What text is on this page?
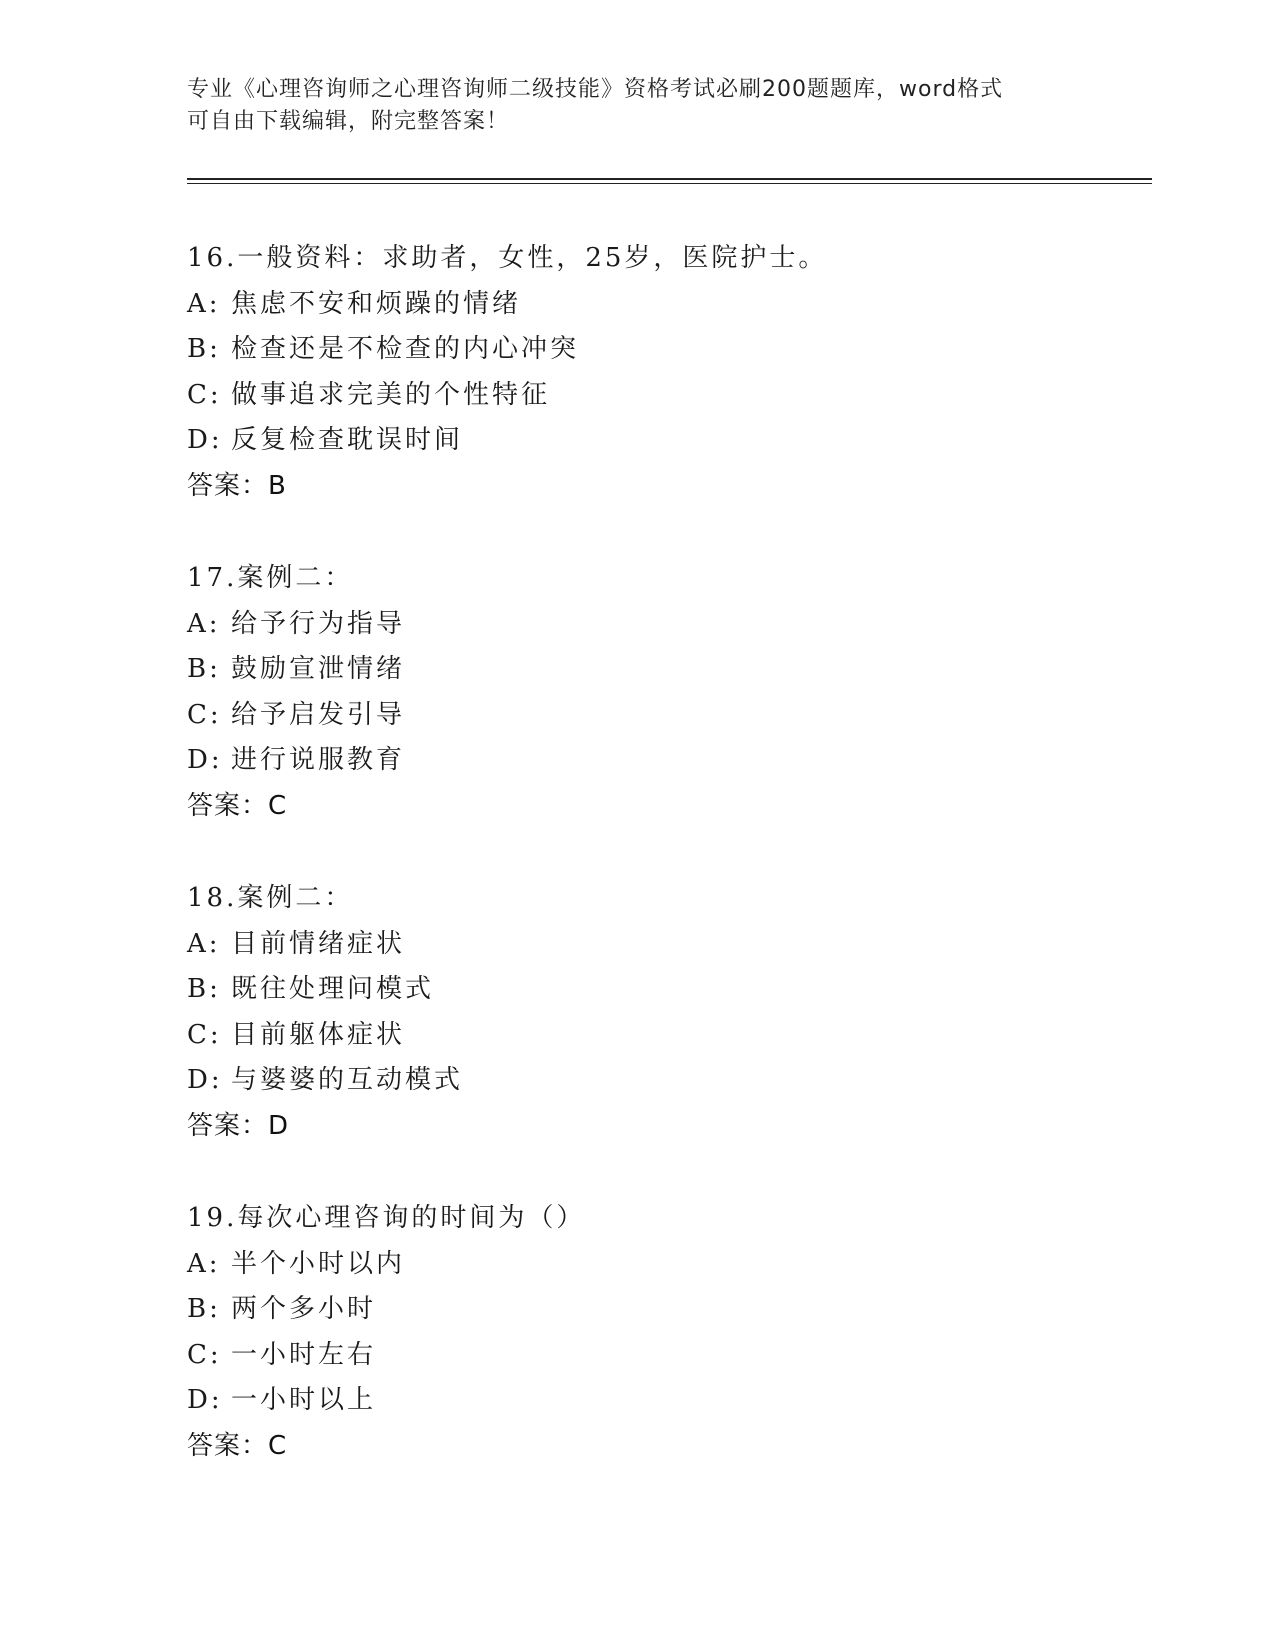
专业《心理咨询师之心理咨询师二级技能》资格考试必刷200题题库，word格式
可自由下载编辑，附完整答案！
16.一般资料：求助者，女性，25岁，医院护士。
A: 焦虑不安和烦躁的情绪
B: 检查还是不检查的内心冲突
C: 做事追求完美的个性特征
D: 反复检查耽误时间
答案：B
17.案例二：
A: 给予行为指导
B: 鼓励宣泄情绪
C: 给予启发引导
D: 进行说服教育
答案：C
18.案例二：
A: 目前情绪症状
B: 既往处理问模式
C: 目前躯体症状
D: 与婆婆的互动模式
答案：D
19.每次心理咨询的时间为（）
A: 半个小时以内
B: 两个多小时
C: 一小时左右
D: 一小时以上
答案：C
